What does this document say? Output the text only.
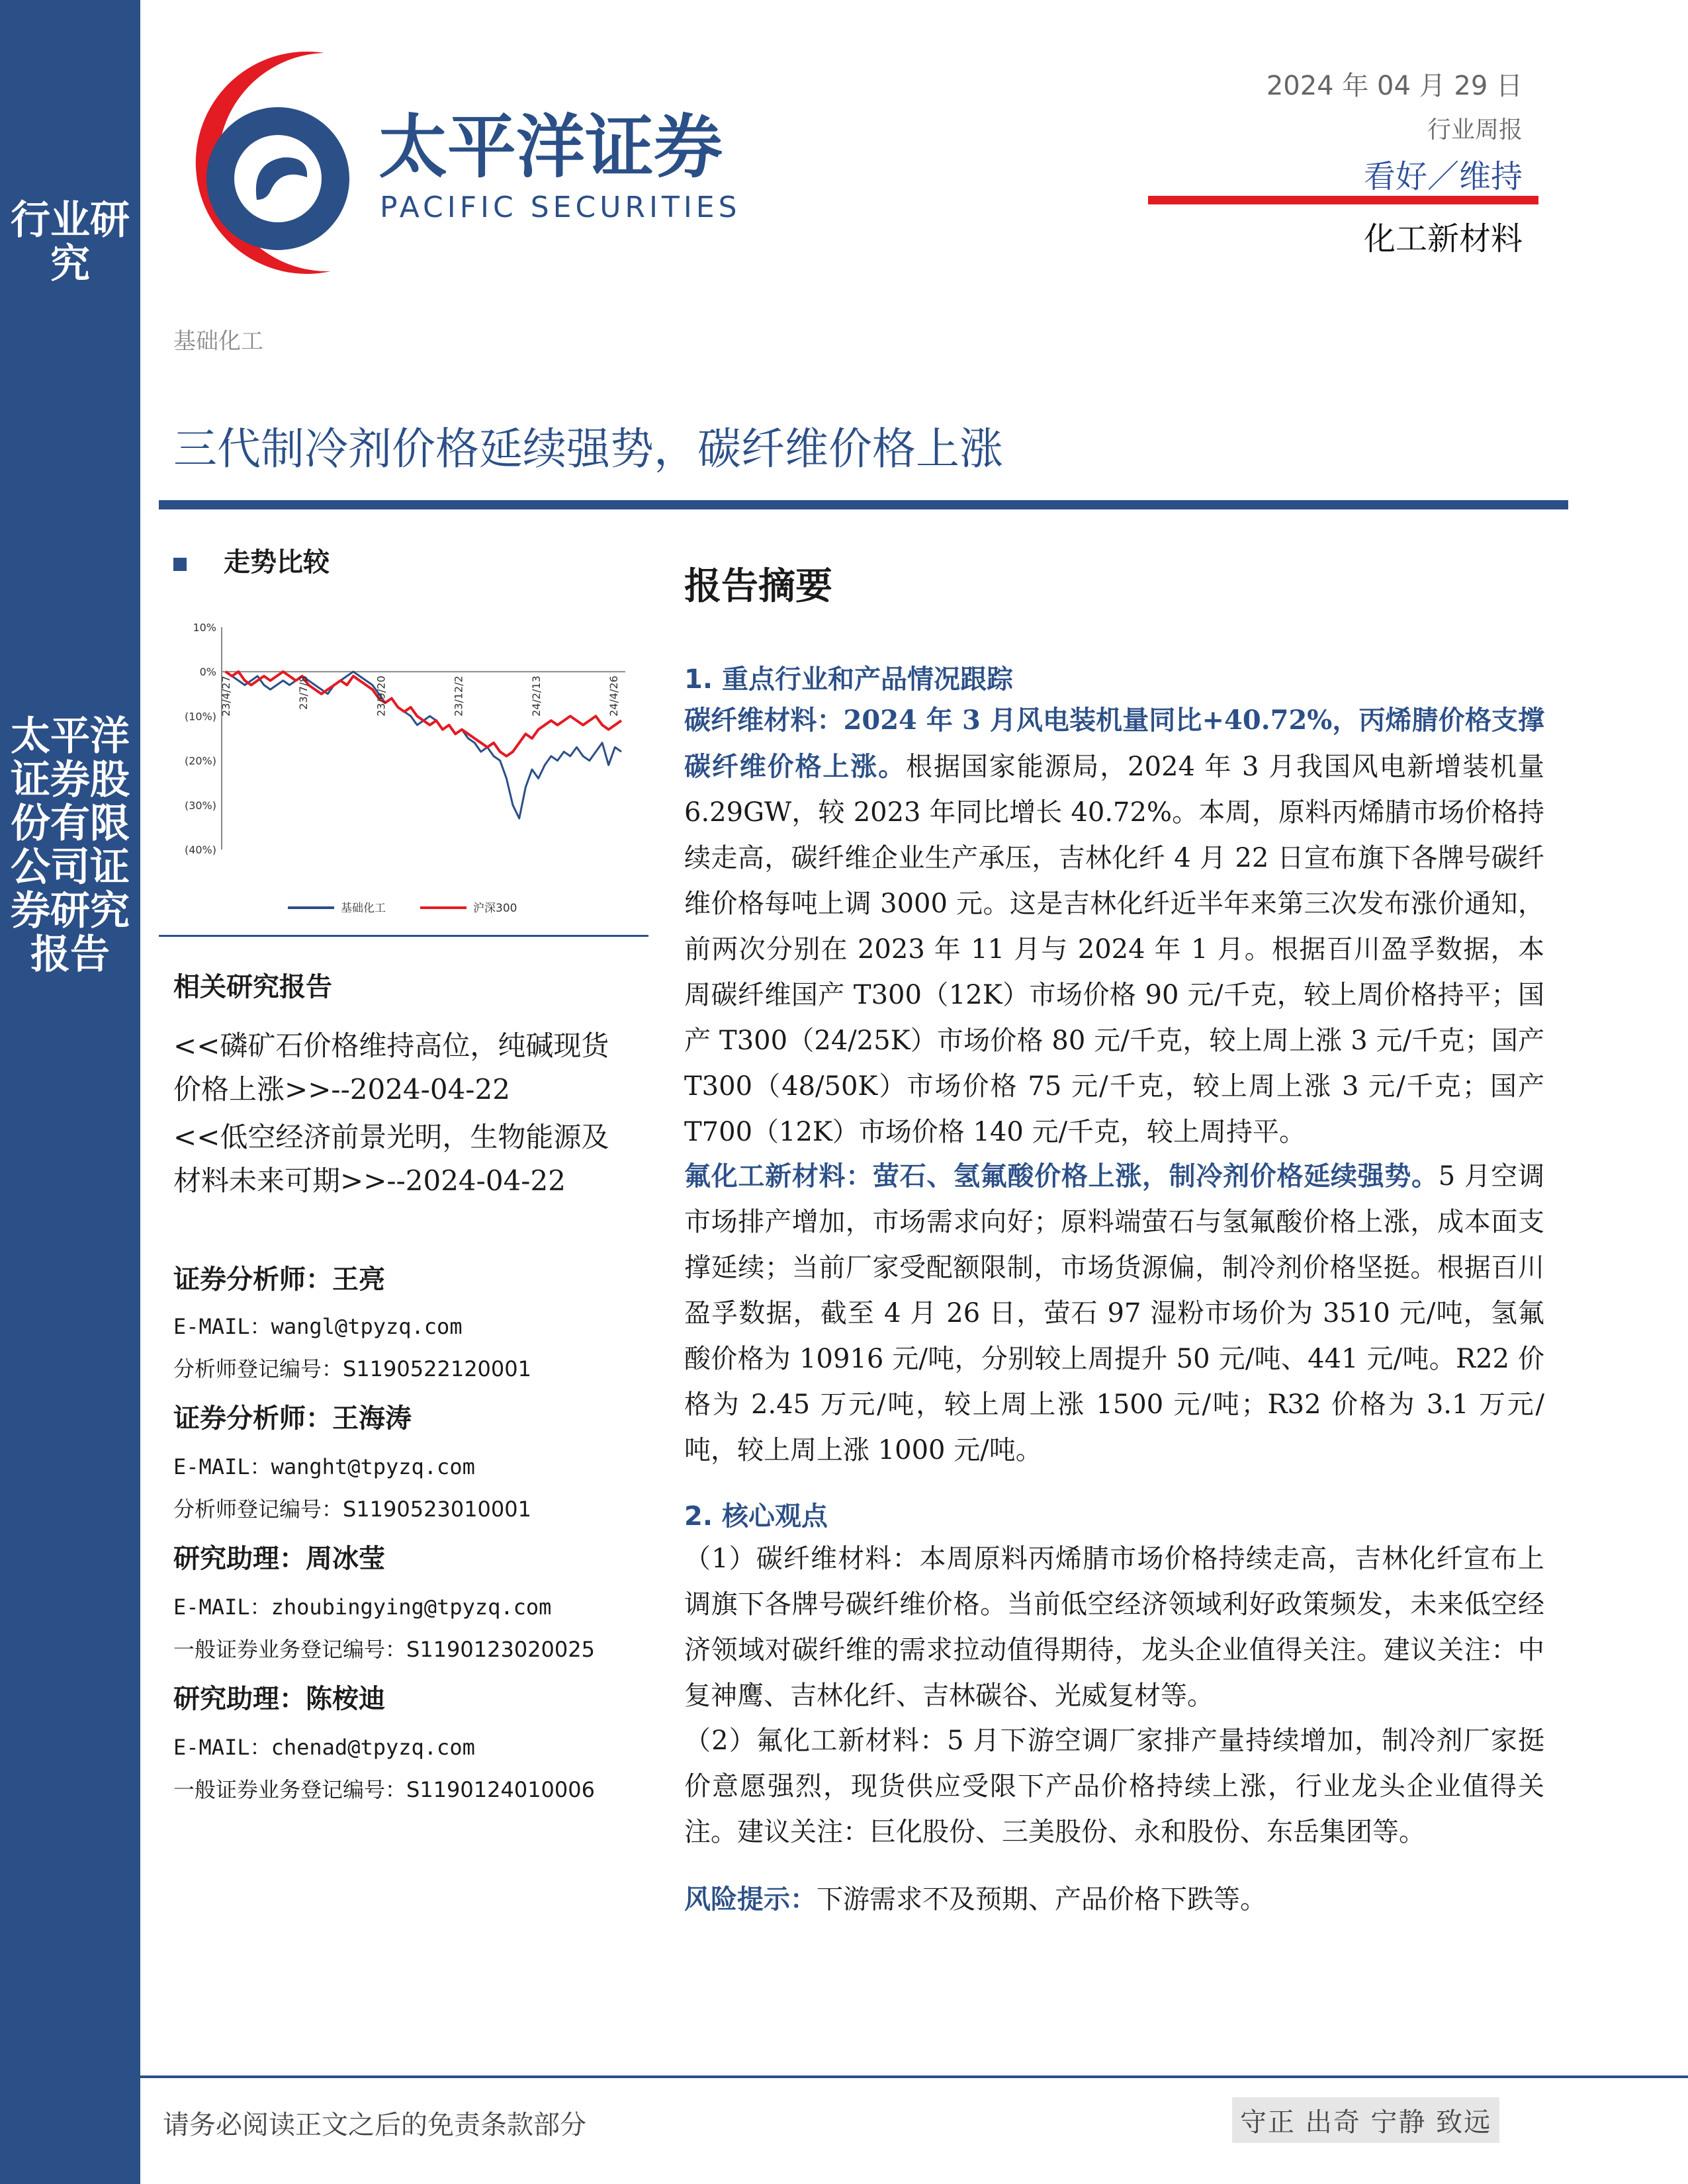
行业研究
太平洋证券股份有限公司证券研究报告
太平洋证券
PACIFIC SECURITIES
2024 年 04 月 29 日
行业周报
看好／维持
化工新材料
基础化工
三代制冷剂价格延续强势，碳纤维价格上涨
走势比较
10%
0%
(10%)
(20%)
(30%)
(40%)
23/4/27	23/7/8	23/9/20	23/12/2	24/2/13	24/4/26
基础化工	沪深300
相关研究报告
<<磷矿石价格维持高位，纯碱现货价格上涨>>--2024-04-22
<<低空经济前景光明，生物能源及材料未来可期>>--2024-04-22
证券分析师：王亮
E-MAIL：wangl@tpyzq.com
分析师登记编号：S1190522120001
证券分析师：王海涛
E-MAIL：wanght@tpyzq.com
分析师登记编号：S1190523010001
研究助理：周冰莹
E-MAIL：zhoubingying@tpyzq.com
一般证券业务登记编号：S1190123020025
研究助理：陈桉迪
E-MAIL：chenad@tpyzq.com
一般证券业务登记编号：S1190124010006
报告摘要
1. 重点行业和产品情况跟踪
碳纤维材料：2024 年 3 月风电装机量同比+40.72%，丙烯腈价格支撑碳纤维价格上涨。根据国家能源局，2024 年 3 月我国风电新增装机量 6.29GW，较 2023 年同比增长 40.72%。本周，原料丙烯腈市场价格持续走高，碳纤维企业生产承压，吉林化纤 4 月 22 日宣布旗下各牌号碳纤维价格每吨上调 3000 元。这是吉林化纤近半年来第三次发布涨价通知，前两次分别在 2023 年 11 月与 2024 年 1 月。根据百川盈孚数据，本周碳纤维国产 T300（12K）市场价格 90 元/千克，较上周价格持平；国产 T300（24/25K）市场价格 80 元/千克，较上周上涨 3 元/千克；国产 T300（48/50K）市场价格 75 元/千克，较上周上涨 3 元/千克；国产 T700（12K）市场价格 140 元/千克，较上周持平。
氟化工新材料：萤石、氢氟酸价格上涨，制冷剂价格延续强势。5 月空调市场排产增加，市场需求向好；原料端萤石与氢氟酸价格上涨，成本面支撑延续；当前厂家受配额限制，市场货源偏，制冷剂价格坚挺。根据百川盈孚数据，截至 4 月 26 日，萤石 97 湿粉市场价为 3510 元/吨，氢氟酸价格为 10916 元/吨，分别较上周提升 50 元/吨、441 元/吨。R22 价格为 2.45 万元/吨，较上周上涨 1500 元/吨；R32 价格为 3.1 万元/吨，较上周上涨 1000 元/吨。
2. 核心观点
（1）碳纤维材料：本周原料丙烯腈市场价格持续走高，吉林化纤宣布上调旗下各牌号碳纤维价格。当前低空经济领域利好政策频发，未来低空经济领域对碳纤维的需求拉动值得期待，龙头企业值得关注。建议关注：中复神鹰、吉林化纤、吉林碳谷、光威复材等。
（2）氟化工新材料：5 月下游空调厂家排产量持续增加，制冷剂厂家挺价意愿强烈，现货供应受限下产品价格持续上涨，行业龙头企业值得关注。建议关注：巨化股份、三美股份、永和股份、东岳集团等。
风险提示：下游需求不及预期、产品价格下跌等。
请务必阅读正文之后的免责条款部分	守正 出奇 宁静 致远
